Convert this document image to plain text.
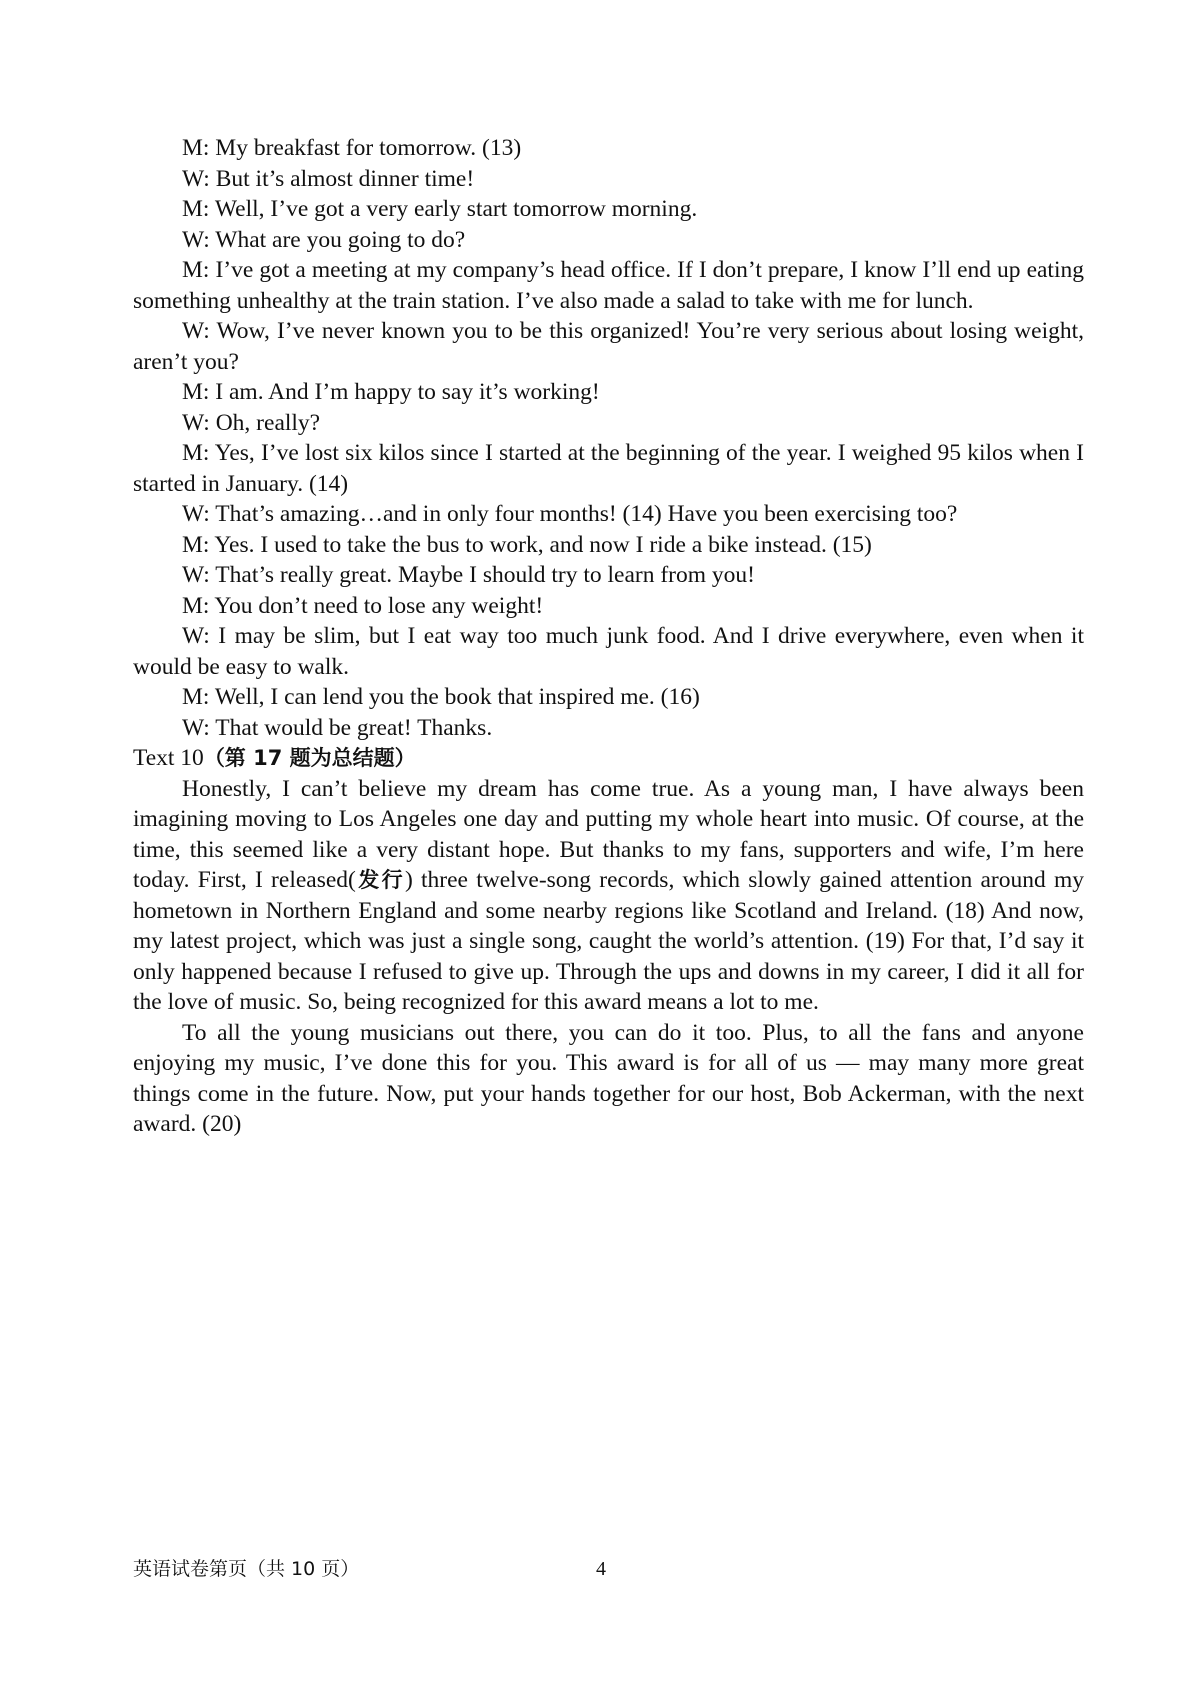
M: My breakfast for tomorrow. (13)

W: But it’s almost dinner time!

M: Well, I’ve got a very early start tomorrow morning.

W: What are you going to do?

M: I’ve got a meeting at my company’s head office. If I don’t prepare, I know I’ll end up eating something unhealthy at the train station. I’ve also made a salad to take with me for lunch.

W: Wow, I’ve never known you to be this organized! You’re very serious about losing weight, aren’t you?

M: I am. And I’m happy to say it’s working!

W: Oh, really?

M: Yes, I’ve lost six kilos since I started at the beginning of the year. I weighed 95 kilos when I started in January. (14)

W: That’s amazing…and in only four months! (14) Have you been exercising too?

M: Yes. I used to take the bus to work, and now I ride a bike instead. (15)

W: That’s really great. Maybe I should try to learn from you!

M: You don’t need to lose any weight!

W: I may be slim, but I eat way too much junk food. And I drive everywhere, even when it would be easy to walk.

M: Well, I can lend you the book that inspired me. (16)

W: That would be great! Thanks.

Text 10（第 17 题为总结题）

Honestly, I can’t believe my dream has come true. As a young man, I have always been imagining moving to Los Angeles one day and putting my whole heart into music. Of course, at the time, this seemed like a very distant hope. But thanks to my fans, supporters and wife, I’m here today. First, I released(发行) three twelve-song records, which slowly gained attention around my hometown in Northern England and some nearby regions like Scotland and Ireland. (18) And now, my latest project, which was just a single song, caught the world’s attention. (19) For that, I’d say it only happened because I refused to give up. Through the ups and downs in my career, I did it all for the love of music. So, being recognized for this award means a lot to me.

To all the young musicians out there, you can do it too. Plus, to all the fans and anyone enjoying my music, I’ve done this for you. This award is for all of us — may many more great things come in the future. Now, put your hands together for our host, Bob Ackerman, with the next award. (20)

英语试卷第页（共 10 页）	4
